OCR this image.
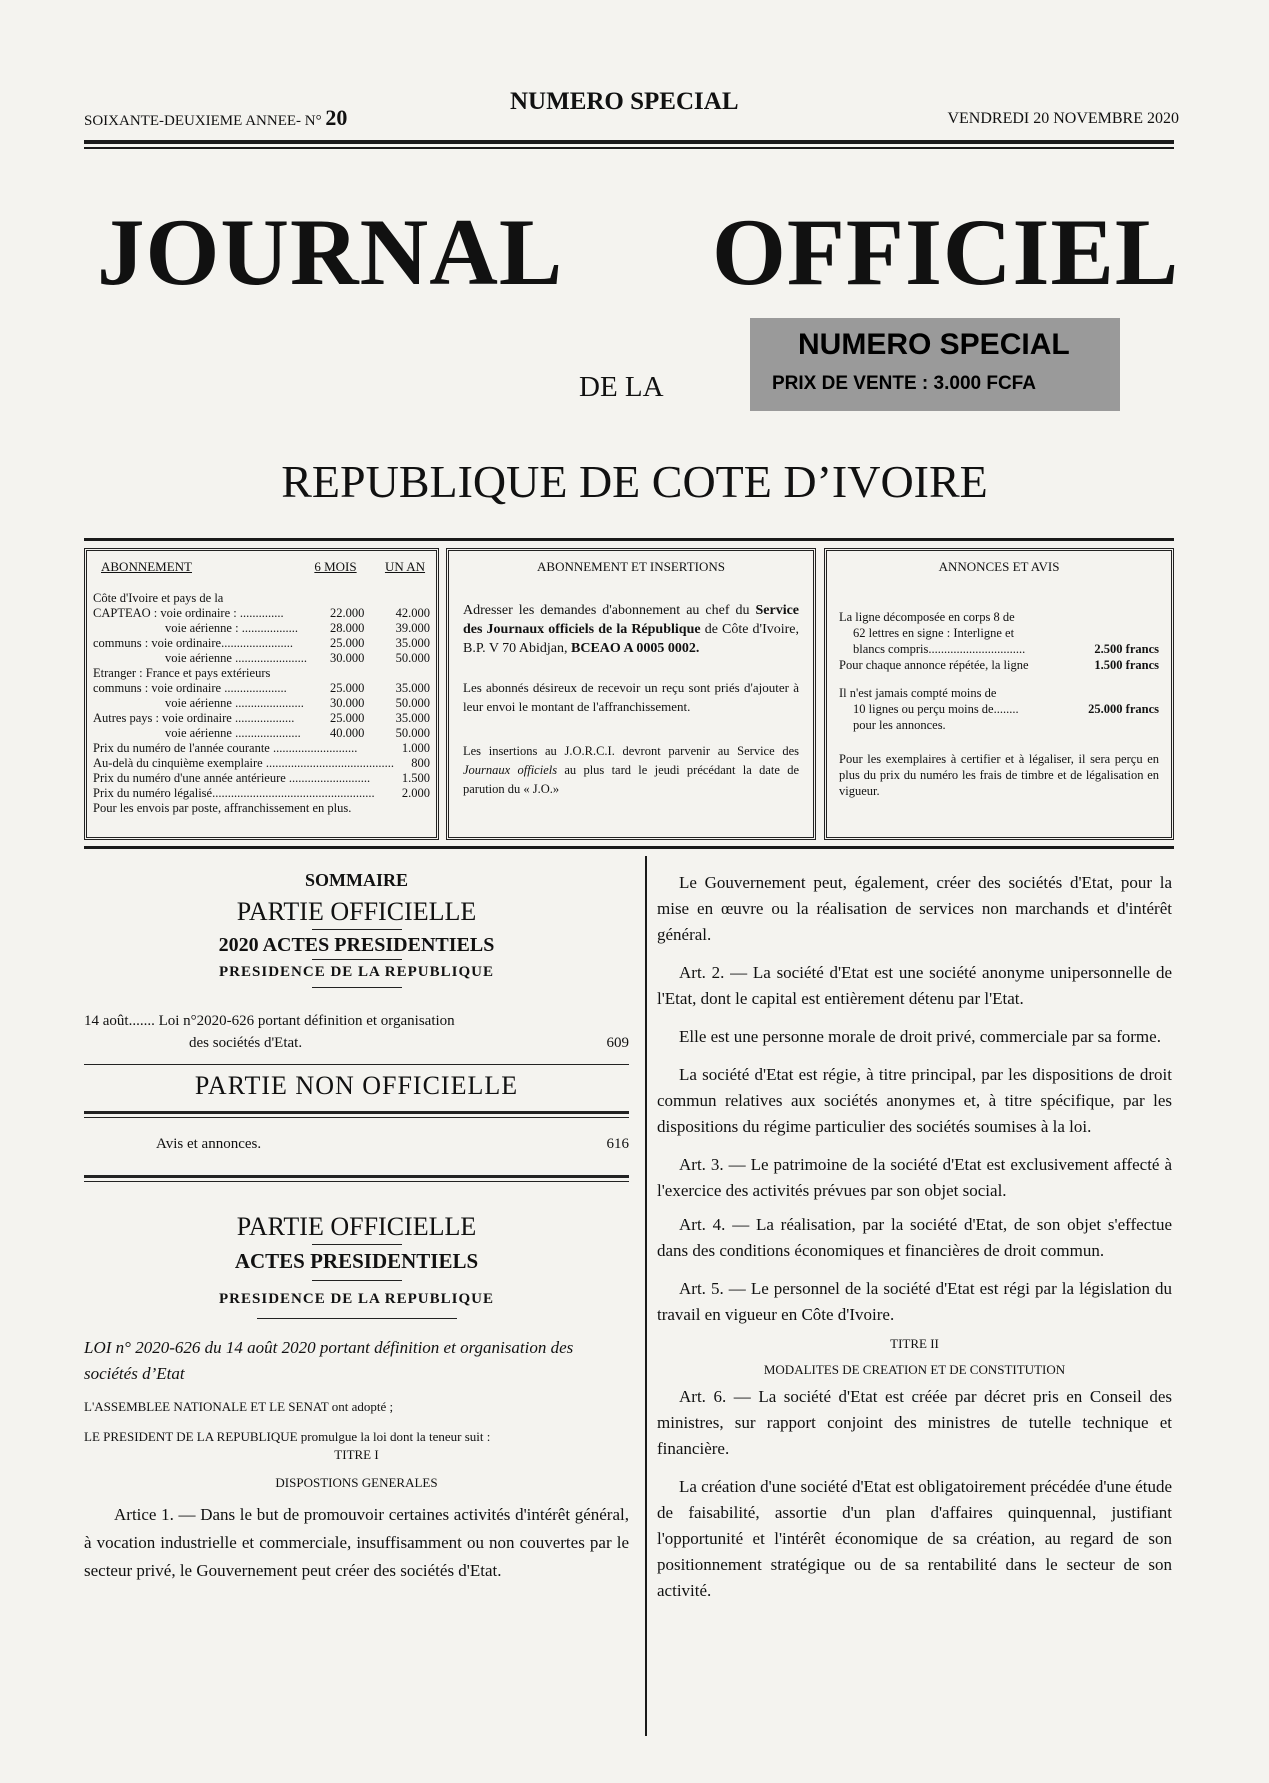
SOIXANTE-DEUXIEME ANNEE- N° 20
NUMERO SPECIAL
VENDREDI 20 NOVEMBRE 2020
JOURNAL OFFICIEL
DE LA
NUMERO SPECIAL
PRIX DE VENTE : 3.000 FCFA
REPUBLIQUE DE COTE D’IVOIRE
ABONNEMENT	6 MOIS	UN AN
Côte d'Ivoire et pays de la
CAPTEAO : voie ordinaire : ..............	22.000	42.000
voie aérienne : ..................	28.000	39.000
communs : voie ordinaire.......................	25.000	35.000
voie aérienne ....................... 30.000	50.000
Etranger : France et pays extérieurs
communs : voie ordinaire ....................	25.000	35.000
voie aérienne ...................... 30.000	50.000
Autres pays : voie ordinaire ...................	25.000	35.000
voie aérienne ..................... 40.000	50.000
Prix du numéro de l'année courante ...........................	1.000
Au-delà du cinquième exemplaire ......................................... 800
Prix du numéro d'une année antérieure ..........................	1.500
Prix du numéro légalisé.................................................... 2.000
Pour les envois par poste, affranchissement en plus.
ABONNEMENT ET INSERTIONS
Adresser les demandes d'abonnement au chef du Service des Journaux officiels de la République de Côte d'Ivoire, B.P. V 70 Abidjan, BCEAO A 0005 0002.
Les abonnés désireux de recevoir un reçu sont priés d'ajouter à leur envoi le montant de l'affranchissement.
Les insertions au J.O.R.C.I. devront parvenir au Service des Journaux officiels au plus tard le jeudi précédant la date de parution du « J.O.»
ANNONCES ET AVIS
La ligne décomposée en corps 8 de
62 lettres en signe : Interligne et
blancs compris...............................	2.500 francs
Pour chaque annonce répétée, la ligne	1.500 francs
Il n'est jamais compté moins de
10 lignes ou perçu moins de........	25.000 francs
pour les annonces.
Pour les exemplaires à certifier et à légaliser, il sera perçu en plus du prix du numéro les frais de timbre et de légalisation en vigueur.
SOMMAIRE
PARTIE OFFICIELLE
2020 ACTES PRESIDENTIELS
PRESIDENCE DE LA REPUBLIQUE
14 août....... Loi n°2020-626 portant définition et organisation
des sociétés d'Etat.	609
PARTIE NON OFFICIELLE
Avis et annonces.	616
PARTIE OFFICIELLE
ACTES PRESIDENTIELS
PRESIDENCE DE LA REPUBLIQUE
LOI n° 2020-626 du 14 août 2020 portant définition et organisation des sociétés d’Etat
L'ASSEMBLEE NATIONALE ET LE SENAT ont adopté ;
LE PRESIDENT DE LA REPUBLIQUE promulgue la loi dont la teneur suit :
TITRE I
DISPOSTIONS GENERALES
Artice 1. — Dans le but de promouvoir certaines activités d'intérêt général, à vocation industrielle et commerciale, insuffisamment ou non couvertes par le secteur privé, le Gouvernement peut créer des sociétés d'Etat.
Le Gouvernement peut, également, créer des sociétés d'Etat, pour la mise en œuvre ou la réalisation de services non marchands et d'intérêt général.
Art. 2. — La société d'Etat est une société anonyme unipersonnelle de l'Etat, dont le capital est entièrement détenu par l'Etat.
Elle est une personne morale de droit privé, commerciale par sa forme.
La société d'Etat est régie, à titre principal, par les dispositions de droit commun relatives aux sociétés anonymes et, à titre spécifique, par les dispositions du régime particulier des sociétés soumises à la loi.
Art. 3. — Le patrimoine de la société d'Etat est exclusivement affecté à l'exercice des activités prévues par son objet social.
Art. 4. — La réalisation, par la société d'Etat, de son objet s'effectue dans des conditions économiques et financières de droit commun.
Art. 5. — Le personnel de la société d'Etat est régi par la législation du travail en vigueur en Côte d'Ivoire.
TITRE II
MODALITES DE CREATION ET DE CONSTITUTION
Art. 6. — La société d'Etat est créée par décret pris en Conseil des ministres, sur rapport conjoint des ministres de tutelle technique et financière.
La création d'une société d'Etat est obligatoirement précédée d'une étude de faisabilité, assortie d'un plan d'affaires quinquennal, justifiant l'opportunité et l'intérêt économique de sa création, au regard de son positionnement stratégique ou de sa rentabilité dans le secteur de son activité.
